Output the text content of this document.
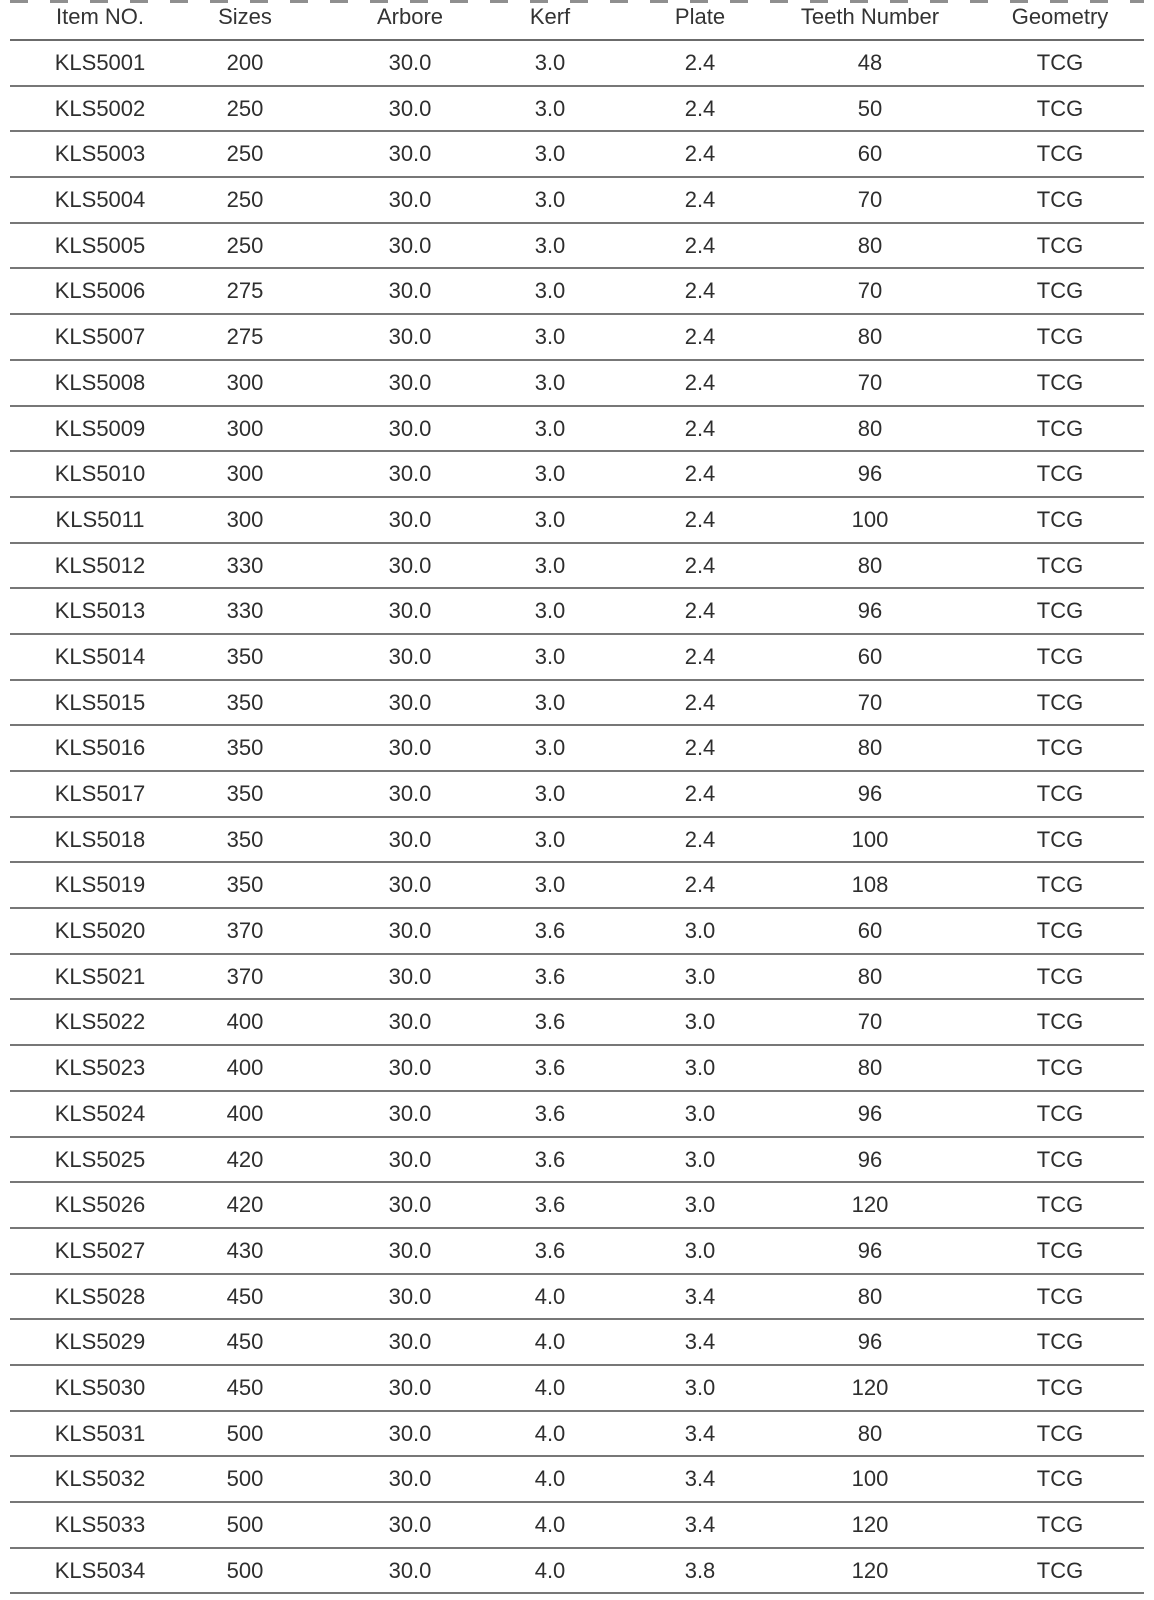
Item NO.	Sizes	Arbore	Kerf	Plate	Teeth Number	Geometry
KLS5001	200	30.0	3.0	2.4	48	TCG
KLS5002	250	30.0	3.0	2.4	50	TCG
KLS5003	250	30.0	3.0	2.4	60	TCG
KLS5004	250	30.0	3.0	2.4	70	TCG
KLS5005	250	30.0	3.0	2.4	80	TCG
KLS5006	275	30.0	3.0	2.4	70	TCG
KLS5007	275	30.0	3.0	2.4	80	TCG
KLS5008	300	30.0	3.0	2.4	70	TCG
KLS5009	300	30.0	3.0	2.4	80	TCG
KLS5010	300	30.0	3.0	2.4	96	TCG
KLS5011	300	30.0	3.0	2.4	100	TCG
KLS5012	330	30.0	3.0	2.4	80	TCG
KLS5013	330	30.0	3.0	2.4	96	TCG
KLS5014	350	30.0	3.0	2.4	60	TCG
KLS5015	350	30.0	3.0	2.4	70	TCG
KLS5016	350	30.0	3.0	2.4	80	TCG
KLS5017	350	30.0	3.0	2.4	96	TCG
KLS5018	350	30.0	3.0	2.4	100	TCG
KLS5019	350	30.0	3.0	2.4	108	TCG
KLS5020	370	30.0	3.6	3.0	60	TCG
KLS5021	370	30.0	3.6	3.0	80	TCG
KLS5022	400	30.0	3.6	3.0	70	TCG
KLS5023	400	30.0	3.6	3.0	80	TCG
KLS5024	400	30.0	3.6	3.0	96	TCG
KLS5025	420	30.0	3.6	3.0	96	TCG
KLS5026	420	30.0	3.6	3.0	120	TCG
KLS5027	430	30.0	3.6	3.0	96	TCG
KLS5028	450	30.0	4.0	3.4	80	TCG
KLS5029	450	30.0	4.0	3.4	96	TCG
KLS5030	450	30.0	4.0	3.0	120	TCG
KLS5031	500	30.0	4.0	3.4	80	TCG
KLS5032	500	30.0	4.0	3.4	100	TCG
KLS5033	500	30.0	4.0	3.4	120	TCG
KLS5034	500	30.0	4.0	3.8	120	TCG
